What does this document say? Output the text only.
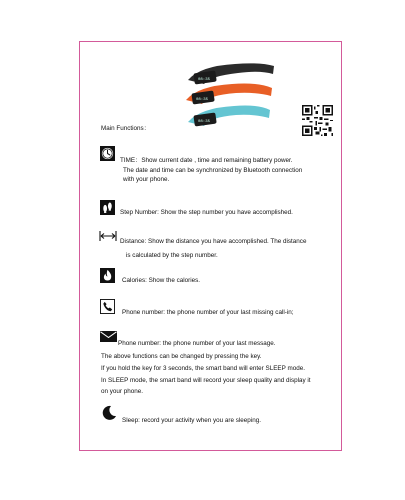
08:35
08:35
08:35
Main Functions：
TIME：Show current date , time and remaining battery power.
The date and time can be synchronized by Bluetooth connection
with your phone.
Step Number: Show the step number you have accomplished.
Distance: Show the distance you have accomplished. The distance
is calculated by the step number.
Calories: Show the calories.
Phone number: the phone number of your last missing call-in;
Phone number: the phone number of your last message.
The above functions can be changed by pressing the key.
If you hold the key for 3 seconds, the smart band will enter SLEEP mode.
In SLEEP mode, the smart band will record your sleep quality and display it
on your phone.
Sleep: record your activity when you are sleeping.
